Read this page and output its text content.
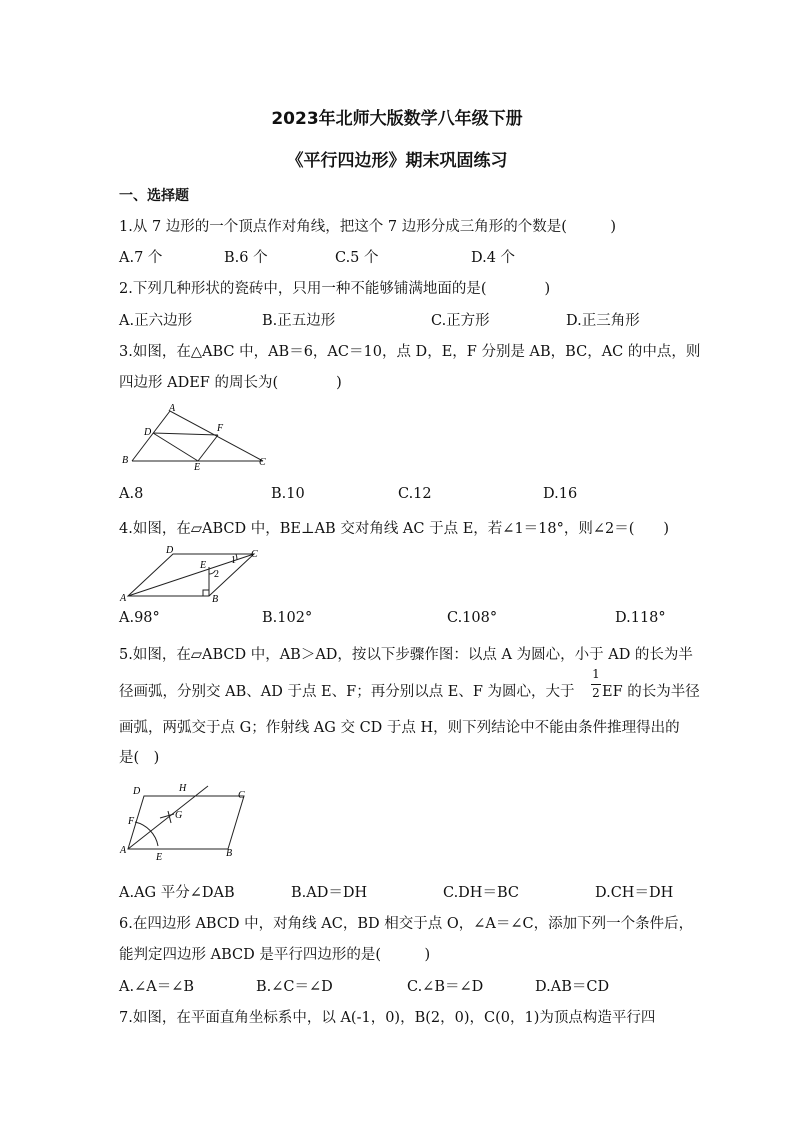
2023年北师大版数学八年级下册
《平行四边形》期末巩固练习
一、选择题
1.从 7 边形的一个顶点作对角线，把这个 7 边形分成三角形的个数是(　　　)
A.7 个	B.6 个	C.5 个	D.4 个
2.下列几种形状的瓷砖中，只用一种不能够铺满地面的是(　　　　)
A.正六边形	B.正五边形	C.正方形	D.正三角形
3.如图，在△ABC 中，AB＝6，AC＝10，点 D，E，F 分别是 AB，BC，AC 的中点，则
四边形 ADEF 的周长为(　　　　)
A
B	C
D
E
F
A.8	B.10	C.12	D.16
4.如图，在▱ABCD 中，BE⊥AB 交对角线 AC 于点 E，若∠1＝18°，则∠2＝(　　)
A	B
C
D
E 1
2
A.98°	B.102°	C.108°	D.118°
5.如图，在▱ABCD 中，AB＞AD，按以下步骤作图：以点 A 为圆心，小于 AD 的长为半
径画弧，分别交 AB、AD 于点 E、F；再分别以点 E、F 为圆心，大于
1
2 EF 的长为半径
画弧，两弧交于点 G；作射线 AG 交 CD 于点 H，则下列结论中不能由条件推理得出的
是(　)
D	H
C
F
G
A
E	B
A.AG 平分∠DAB	B.AD＝DH	C.DH＝BC	D.CH＝DH
6.在四边形 ABCD 中，对角线 AC，BD 相交于点 O，∠A＝∠C，添加下列一个条件后，
能判定四边形 ABCD 是平行四边形的是(　　　)
A.∠A＝∠B	B.∠C＝∠D	C.∠B＝∠D	D.AB＝CD
7.如图，在平面直角坐标系中，以 A(-1，0)，B(2，0)，C(0，1)为顶点构造平行四
